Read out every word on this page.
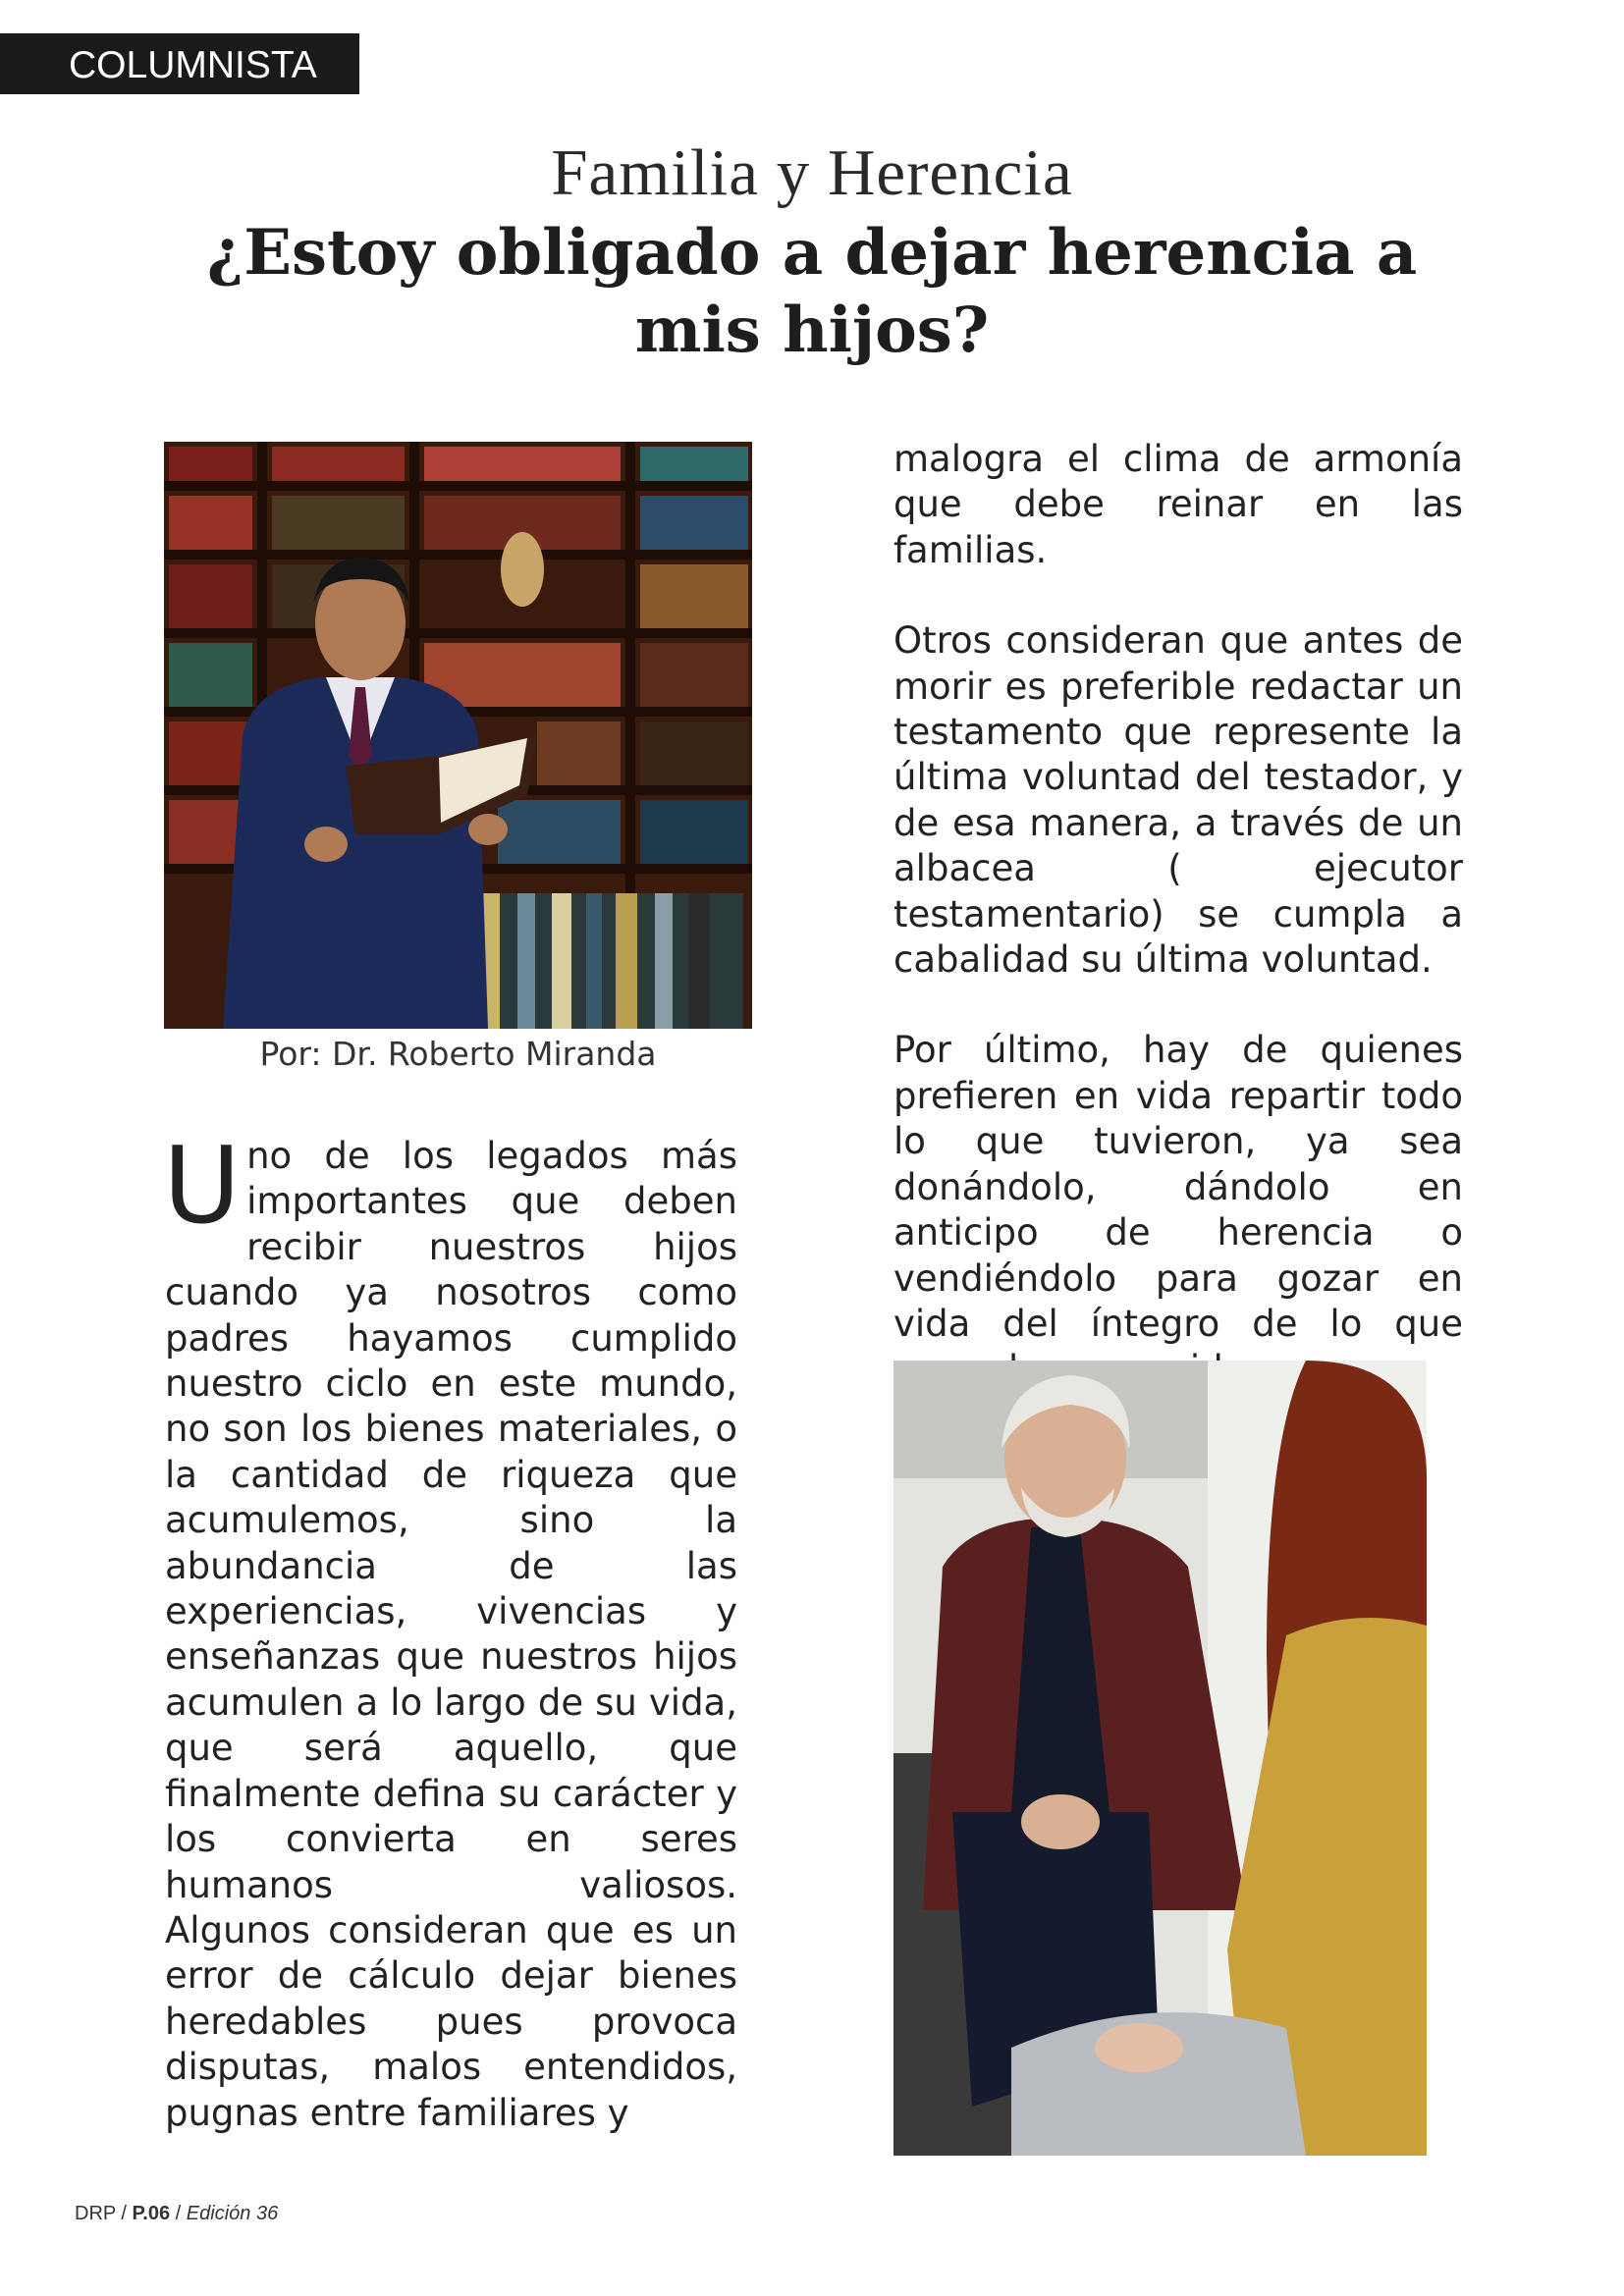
COLUMNISTA
Familia y Herencia
¿Estoy obligado a dejar herencia a mis hijos?
Por: Dr. Roberto Miranda

Uno de los legados más importantes que deben recibir nuestros hijos cuando ya nosotros como padres hayamos cumplido nuestro ciclo en este mundo, no son los bienes materiales, o la cantidad de riqueza que acumulemos, sino la abundancia de las experiencias, vivencias y enseñanzas que nuestros hijos acumulen a lo largo de su vida, que será aquello, que finalmente defina su carácter y los convierta en seres humanos valiosos.

Algunos consideran que es un error de cálculo dejar bienes heredables pues provoca disputas, malos entendidos, pugnas entre familiares y

malogra el clima de armonía que debe reinar en las familias.

Otros consideran que antes de morir es preferible redactar un testamento que represente la última voluntad del testador, y de esa manera, a través de un albacea ( ejecutor testamentario) se cumpla a cabalidad su última voluntad.

Por último, hay de quienes prefieren en vida repartir todo lo que tuvieron, ya sea donándolo, dándolo en anticipo de herencia o vendiéndolo para gozar en vida del íntegro de lo que

DRP / P.06 / Edición 36
